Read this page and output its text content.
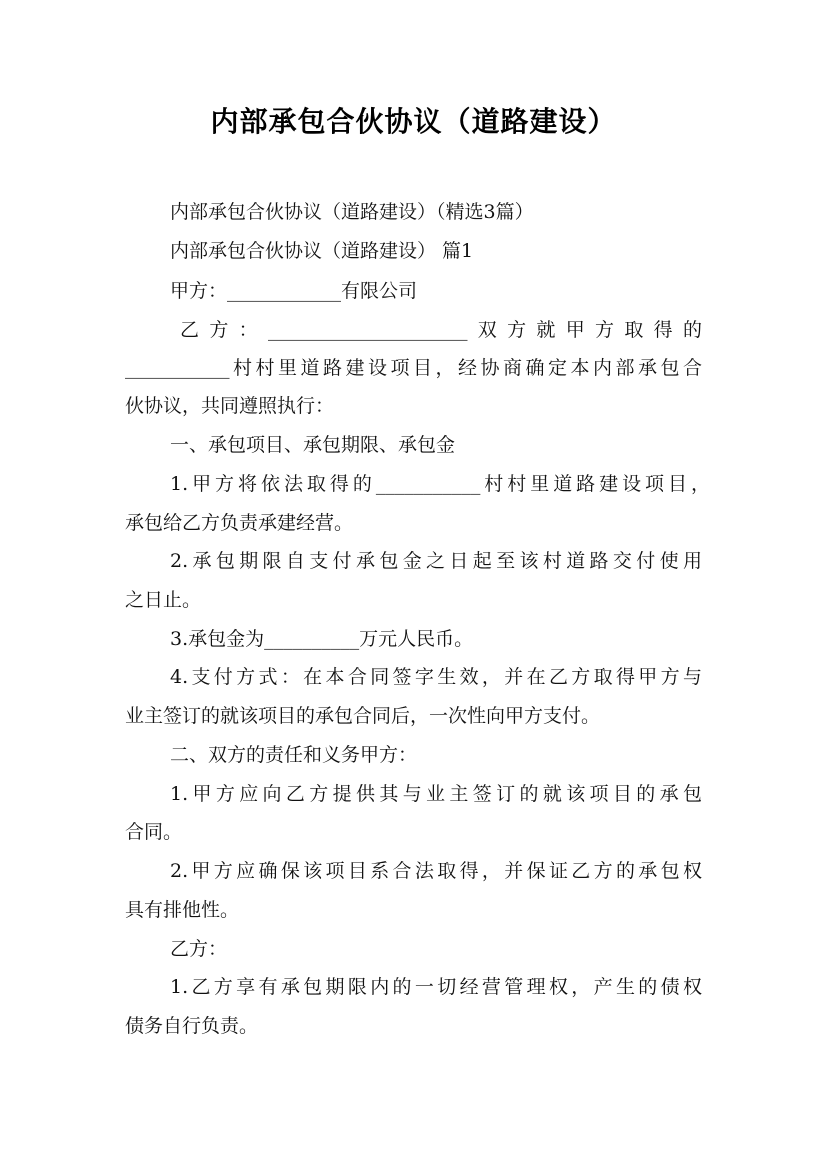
内部承包合伙协议（道路建设）
内部承包合伙协议（道路建设）（精选3篇）
内部承包合伙协议（道路建设） 篇1
甲方：____________有限公司
乙方：_____________________双方就甲方取得的
___________村村里道路建设项目，经协商确定本内部承包合
伙协议，共同遵照执行：
一、承包项目、承包期限、承包金
1.甲方将依法取得的___________村村里道路建设项目，
承包给乙方负责承建经营。
2.承包期限自支付承包金之日起至该村道路交付使用
之日止。
3.承包金为__________万元人民币。
4.支付方式：在本合同签字生效，并在乙方取得甲方与
业主签订的就该项目的承包合同后，一次性向甲方支付。
二、双方的责任和义务甲方：
1.甲方应向乙方提供其与业主签订的就该项目的承包
合同。
2.甲方应确保该项目系合法取得，并保证乙方的承包权
具有排他性。
乙方：
1.乙方享有承包期限内的一切经营管理权，产生的债权
债务自行负责。
